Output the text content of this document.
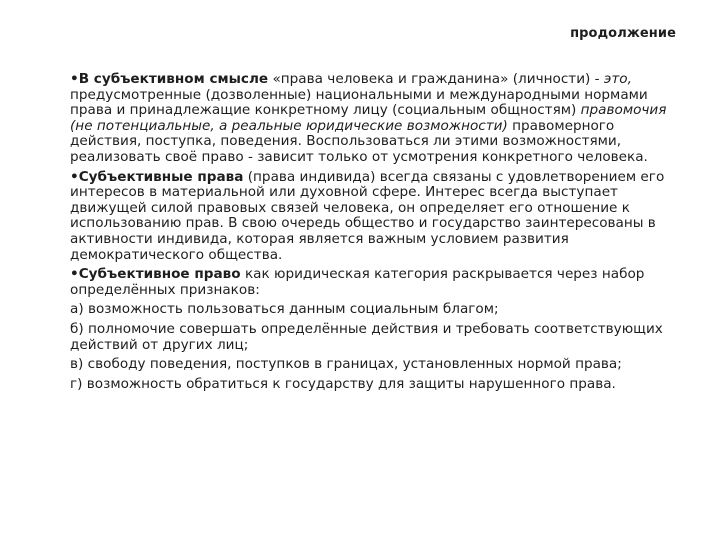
продолжение

•В субъективном смысле «права человека и гражданина» (личности) - это, предусмотренные (дозволенные) национальными и международными нормами права и принадлежащие конкретному лицу (социальным общностям) правомочия (не потенциальные, а реальные юридические возможности) правомерного действия, поступка, поведения. Воспользоваться ли этими возможностями, реализовать своё право - зависит только от усмотрения конкретного человека.

•Субъективные права (права индивида) всегда связаны с удовлетворением его интересов в материальной или духовной сфере. Интерес всегда выступает движущей силой правовых связей человека, он определяет его отношение к использованию прав. В свою очередь общество и государство заинтересованы в активности индивида, которая является важным условием развития демократического общества.

•Субъективное право как юридическая категория раскрывается через набор определённых признаков:

а) возможность пользоваться данным социальным благом;

б) полномочие совершать определённые действия и требовать соответствующих действий от других лиц;

в) свободу поведения, поступков в границах, установленных нормой права;

г) возможность обратиться к государству для защиты нарушенного права.
